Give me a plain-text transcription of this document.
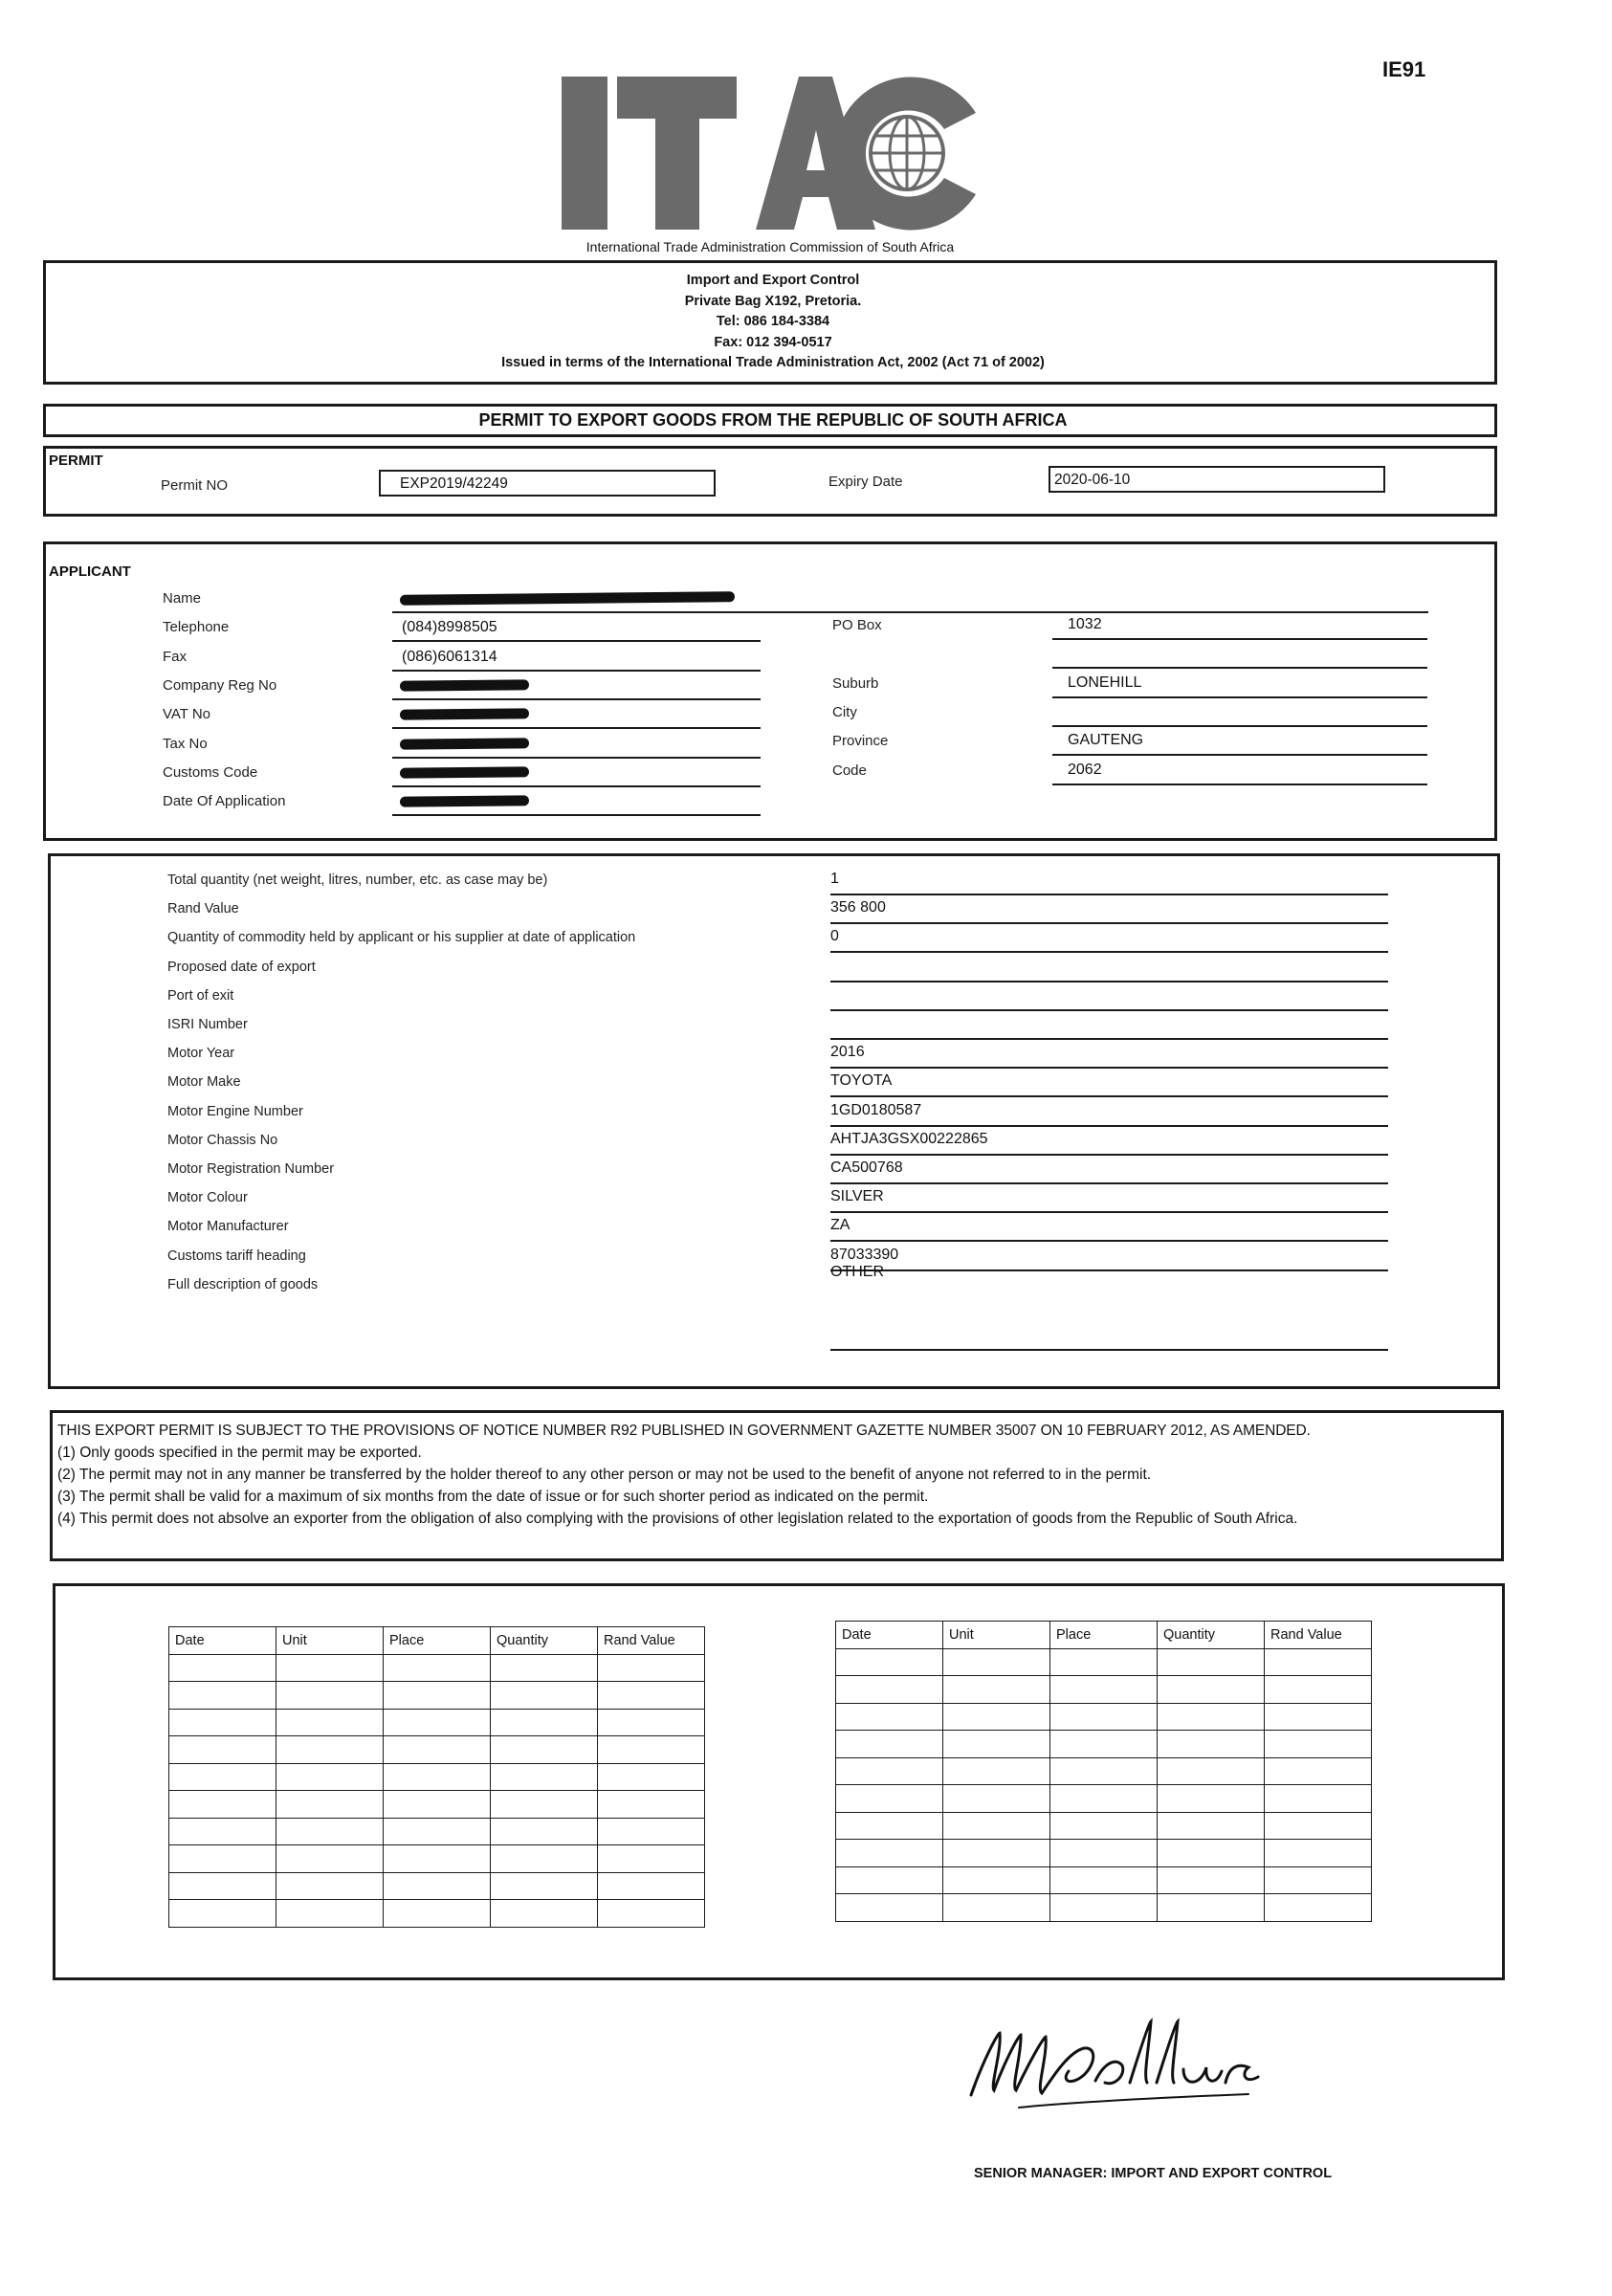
IE91
International Trade Administration Commission of South Africa
Import and Export Control
Private Bag X192, Pretoria.
Tel: 086 184-3384
Fax: 012 394-0517
Issued in terms of the International Trade Administration Act, 2002 (Act 71 of 2002)
PERMIT TO EXPORT GOODS FROM THE REPUBLIC OF SOUTH AFRICA
PERMIT
Permit NO	EXP2019/42249	Expiry Date	2020-06-10
APPLICANT
Name
Telephone	(084)8998505
Fax	(086)6061314
Company Reg No
VAT No
Tax No
Customs Code
Date Of Application
PO Box	1032
Suburb	LONEHILL
City
Province	GAUTENG
Code	2062
Total quantity (net weight, litres, number, etc. as case may be)	1
Rand Value	356 800
Quantity of commodity held by applicant or his supplier at date of application	0
Proposed date of export
Port of exit
ISRI Number
Motor Year	2016
Motor Make	TOYOTA
Motor Engine Number	1GD0180587
Motor Chassis No	AHTJA3GSX00222865
Motor Registration Number	CA500768
Motor Colour	SILVER
Motor Manufacturer	ZA
Customs tariff heading	87033390
Full description of goods
OTHER

THIS EXPORT PERMIT IS SUBJECT TO THE PROVISIONS OF NOTICE NUMBER R92 PUBLISHED IN GOVERNMENT GAZETTE NUMBER 35007 ON 10 FEBRUARY 2012, AS AMENDED.

(1) Only goods specified in the permit may be exported.

(2) The permit may not in any manner be transferred by the holder thereof to any other person or may not be used to the benefit of anyone not referred to in the permit.

(3) The permit shall be valid for a maximum of six months from the date of issue or for such shorter period as indicated on the permit.

(4) This permit does not absolve an exporter from the obligation of also complying with the provisions of other legislation related to the exportation of goods from the Republic of South Africa.

Date	Unit	Place	Quantity	Rand Value

					Date	Unit	Place	Quantity	Rand Value

SENIOR MANAGER: IMPORT AND EXPORT CONTROL
